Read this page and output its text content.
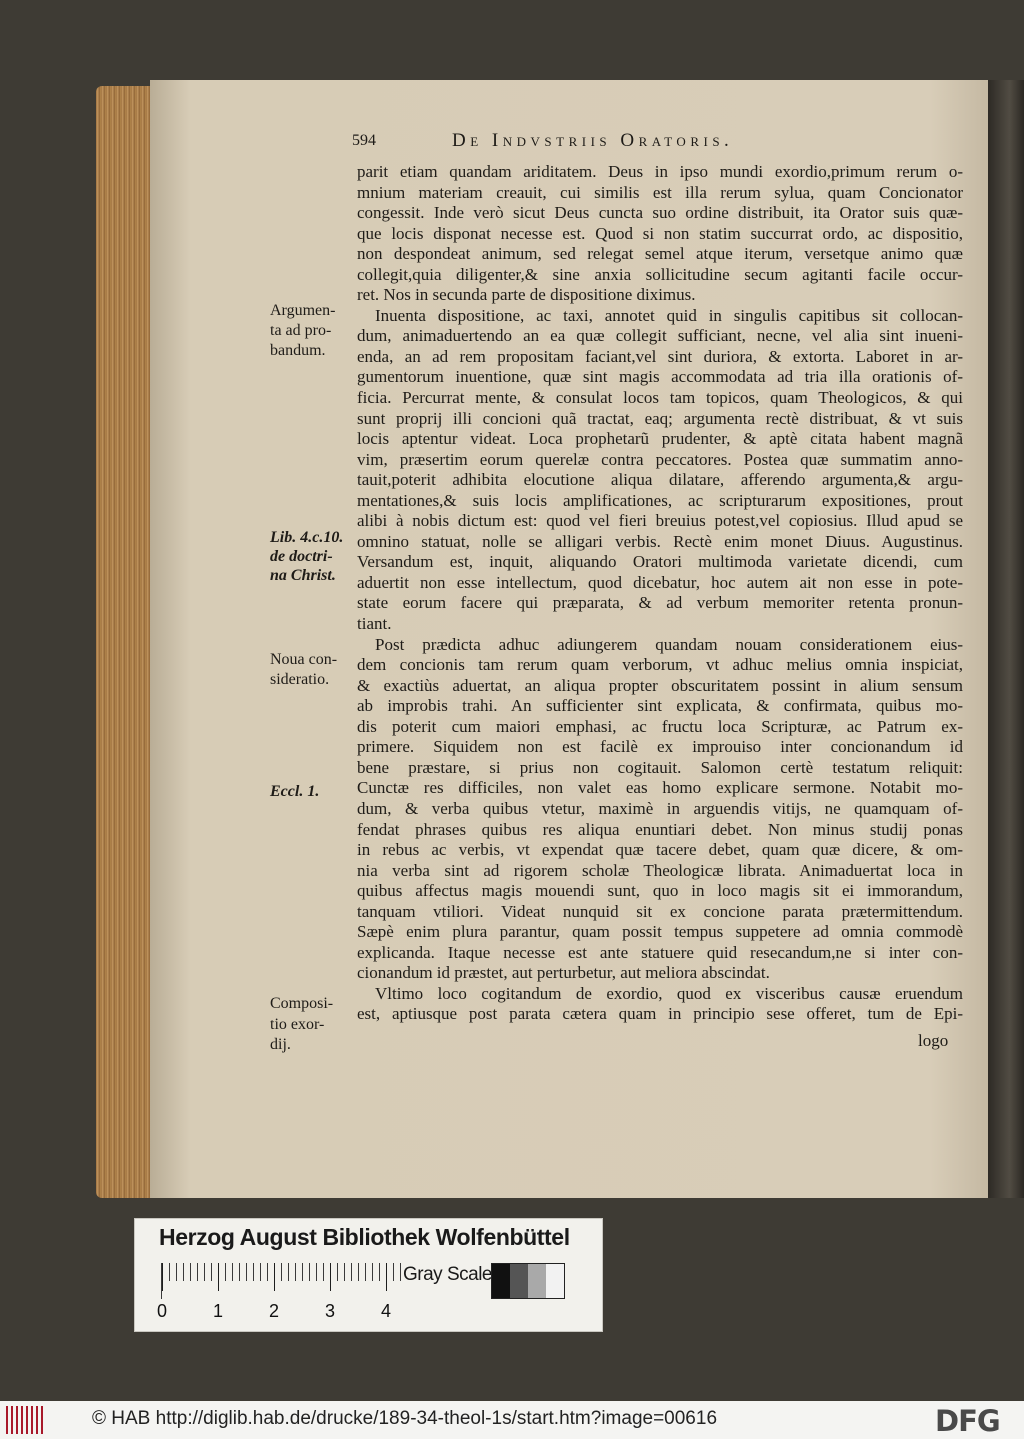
594	De Indvstriis Oratoris.
parit etiam quandam ariditatem. Deus in ipso mundi exordio,primum rerum o-
mnium materiam creauit, cui similis est illa rerum sylua, quam Concionator
congessit. Inde verò sicut Deus cuncta suo ordine distribuit, ita Orator suis quæ-
que locis disponat necesse est. Quod si non statim succurrat ordo, ac dispositio,
non despondeat animum, sed relegat semel atque iterum, versetque animo quæ
collegit,quia diligenter,& sine anxia sollicitudine secum agitanti facile occur-
ret. Nos in secunda parte de dispositione diximus.
Inuenta dispositione, ac taxi, annotet quid in singulis capitibus sit collocan-
dum, animaduertendo an ea quæ collegit sufficiant, necne, vel alia sint inueni-
enda, an ad rem propositam faciant,vel sint duriora, & extorta. Laboret in ar-
gumentorum inuentione, quæ sint magis accommodata ad tria illa orationis of-
ficia. Percurrat mente, & consulat locos tam topicos, quam Theologicos, & qui
sunt proprij illi concioni quã tractat, eaq; argumenta rectè distribuat, & vt suis
locis aptentur videat. Loca prophetarũ prudenter, & aptè citata habent magnã
vim, præsertim eorum querelæ contra peccatores. Postea quæ summatim anno-
tauit,poterit adhibita elocutione aliqua dilatare, afferendo argumenta,& argu-
mentationes,& suis locis amplificationes, ac scripturarum expositiones, prout
alibi à nobis dictum est: quod vel fieri breuius potest,vel copiosius. Illud apud se
omnino statuat, nolle se alligari verbis. Rectè enim monet Diuus. Augustinus.
Versandum est, inquit, aliquando Oratori multimoda varietate dicendi, cum
aduertit non esse intellectum, quod dicebatur, hoc autem ait non esse in pote-
state eorum facere qui præparata, & ad verbum memoriter retenta pronun-
tiant.
Post prædicta adhuc adiungerem quandam nouam considerationem eius-
dem concionis tam rerum quam verborum, vt adhuc melius omnia inspiciat,
& exactiùs aduertat, an aliqua propter obscuritatem possint in alium sensum
ab improbis trahi. An sufficienter sint explicata, & confirmata, quibus mo-
dis poterit cum maiori emphasi, ac fructu loca Scripturæ, ac Patrum ex-
primere. Siquidem non est facilè ex improuiso inter concionandum id
bene præstare, si prius non cogitauit. Salomon certè testatum reliquit:
Cunctæ res difficiles, non valet eas homo explicare sermone. Notabit mo-
dum, & verba quibus vtetur, maximè in arguendis vitijs, ne quamquam of-
fendat phrases quibus res aliqua enuntiari debet. Non minus studij ponas
in rebus ac verbis, vt expendat quæ tacere debet, quam quæ dicere, & om-
nia verba sint ad rigorem scholæ Theologicæ librata. Animaduertat loca in
quibus affectus magis mouendi sunt, quo in loco magis sit ei immorandum,
tanquam vtiliori. Videat nunquid sit ex concione parata prætermittendum.
Sæpè enim plura parantur, quam possit tempus suppetere ad omnia commodè
explicanda. Itaque necesse est ante statuere quid resecandum,ne si inter con-
cionandum id præstet, aut perturbetur, aut meliora abscindat.
Vltimo loco cogitandum de exordio, quod ex visceribus causæ eruendum
est, aptiusque post parata cætera quam in principio sese offeret, tum de Epi-
Argumen-
ta ad pro-
bandum.
Lib. 4.c.10.
de doctri-
na Christ.
Noua con-
sideratio.
Eccl. 1.
Composi-
tio exor-
dij.	logo
Herzog August Bibliothek Wolfenbüttel
0	1	2	3	4
Gray Scale
© HAB http://diglib.hab.de/drucke/189-34-theol-1s/start.htm?image=00616	DFG
